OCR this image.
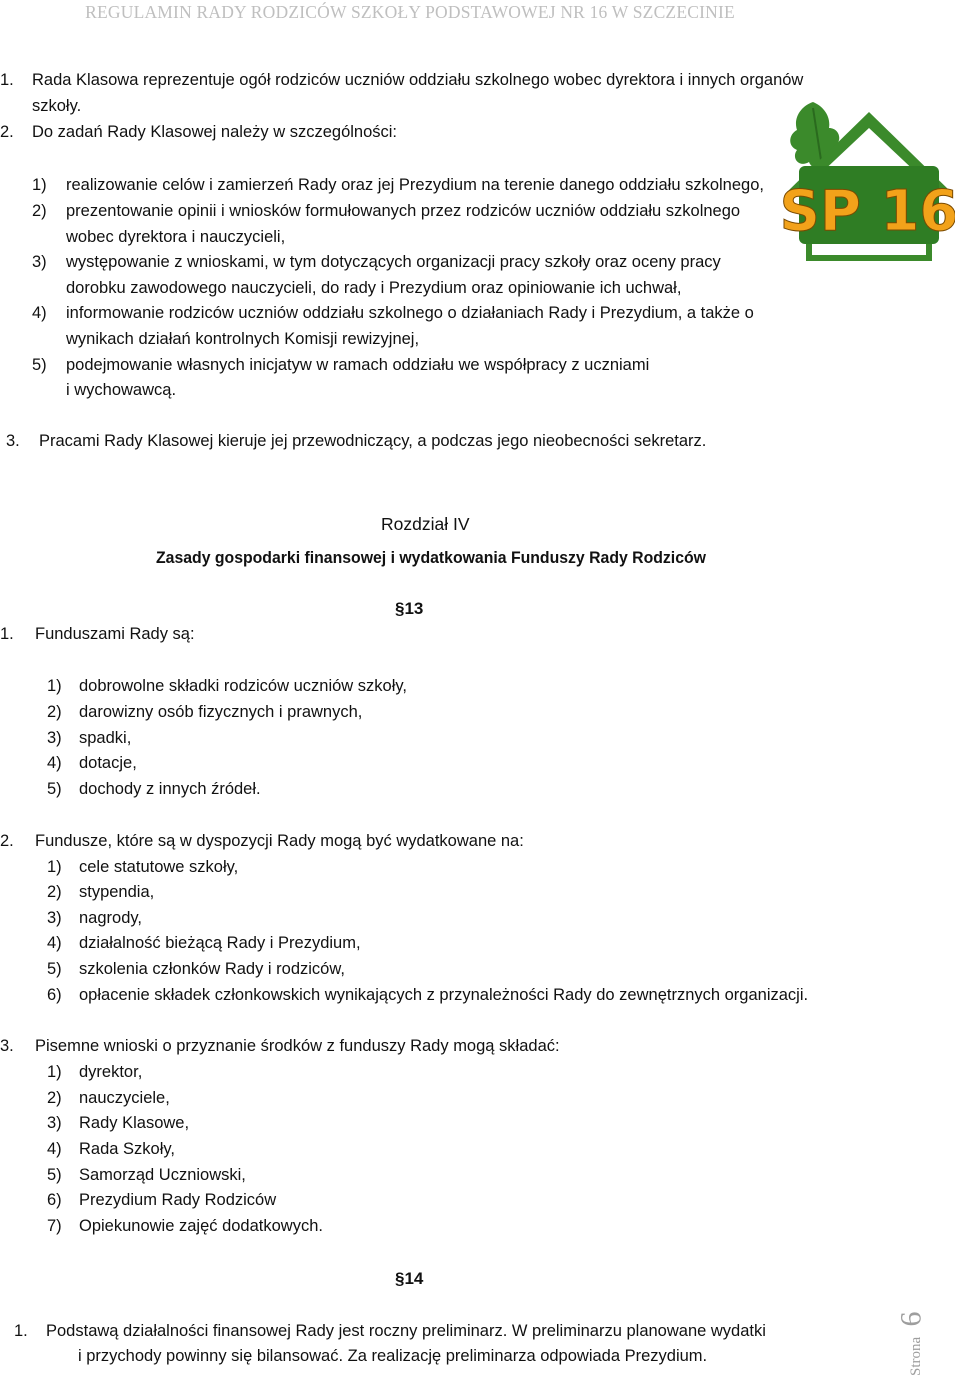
REGULAMIN RADY RODZICÓW SZKOŁY PODSTAWOWEJ NR 16 W SZCZECINIE
SP 16
1. Rada Klasowa reprezentuje ogół rodziców uczniów oddziału szkolnego wobec dyrektora i innych organów
szkoły.
2. Do zadań Rady Klasowej należy w szczególności:
1) realizowanie celów i zamierzeń Rady oraz jej Prezydium na terenie danego oddziału szkolnego,
2) prezentowanie opinii i wniosków formułowanych przez rodziców uczniów oddziału szkolnego
wobec dyrektora i nauczycieli,
3) występowanie z wnioskami, w tym dotyczących organizacji pracy szkoły oraz oceny pracy
dorobku zawodowego nauczycieli, do rady i Prezydium oraz opiniowanie ich uchwał,
4) informowanie rodziców uczniów oddziału szkolnego o działaniach Rady i Prezydium, a także o
wynikach działań kontrolnych Komisji rewizyjnej,
5) podejmowanie własnych inicjatyw w ramach oddziału we współpracy z uczniami
i wychowawcą.
3. Pracami Rady Klasowej kieruje jej przewodniczący, a podczas jego nieobecności sekretarz.
Rozdział IV
Zasady gospodarki finansowej i wydatkowania Funduszy Rady Rodziców
§13
1. Funduszami Rady są:
1) dobrowolne składki rodziców uczniów szkoły,
2) darowizny osób fizycznych i prawnych,
3) spadki,
4) dotacje,
5) dochody z innych źródeł.
2. Fundusze, które są w dyspozycji Rady mogą być wydatkowane na:
1) cele statutowe szkoły,
2) stypendia,
3) nagrody,
4) działalność bieżącą Rady i Prezydium,
5) szkolenia członków Rady i rodziców,
6) opłacenie składek członkowskich wynikających z przynależności Rady do zewnętrznych organizacji.
3. Pisemne wnioski o przyznanie środków z funduszy Rady mogą składać:
1) dyrektor,
2) nauczyciele,
3) Rady Klasowe,
4) Rada Szkoły,
5) Samorząd Uczniowski,
6) Prezydium Rady Rodziców
7) Opiekunowie zajęć dodatkowych.
§14
1. Podstawą działalności finansowej Rady jest roczny preliminarz. W preliminarzu planowane wydatki
i przychody powinny się bilansować. Za realizację preliminarza odpowiada Prezydium.	Strona
6
